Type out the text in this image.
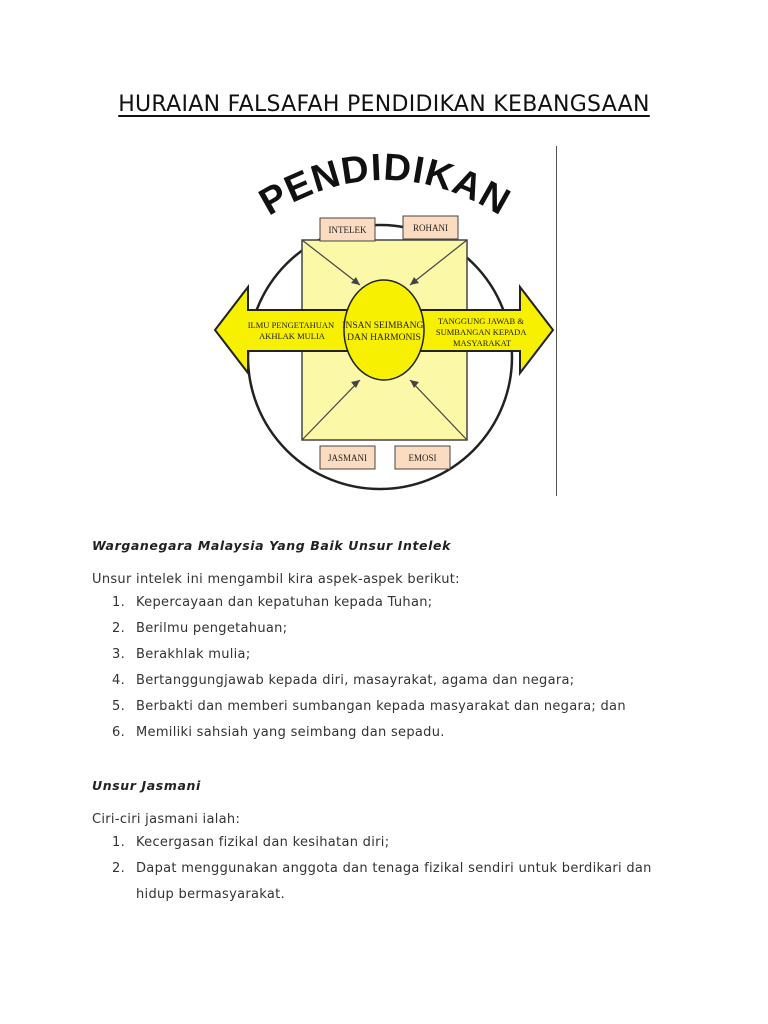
HURAIAN FALSAFAH PENDIDIKAN KEBANGSAAN
PENDIDIKAN
INSAN SEIMBANG DAN HARMONIS
ILMU PENGETAHUAN AKHLAK MULIA
TANGGUNG JAWAB & SUMBANGAN KEPADA MASYARAKAT
INTELEK	ROHANI
JASMANI	EMOSI
Warganegara Malaysia Yang Baik Unsur Intelek

Unsur intelek ini mengambil kira aspek-aspek berikut:

1. Kepercayaan dan kepatuhan kepada Tuhan;
2. Berilmu pengetahuan;
3. Berakhlak mulia;
4. Bertanggungjawab kepada diri, masayrakat, agama dan negara;
5. Berbakti dan memberi sumbangan kepada masyarakat dan negara; dan
6. Memiliki sahsiah yang seimbang dan sepadu.
Unsur Jasmani

Ciri-ciri jasmani ialah:

1. Kecergasan fizikal dan kesihatan diri;
2. Dapat menggunakan anggota dan tenaga fizikal sendiri untuk berdikari dan hidup bermasyarakat.
